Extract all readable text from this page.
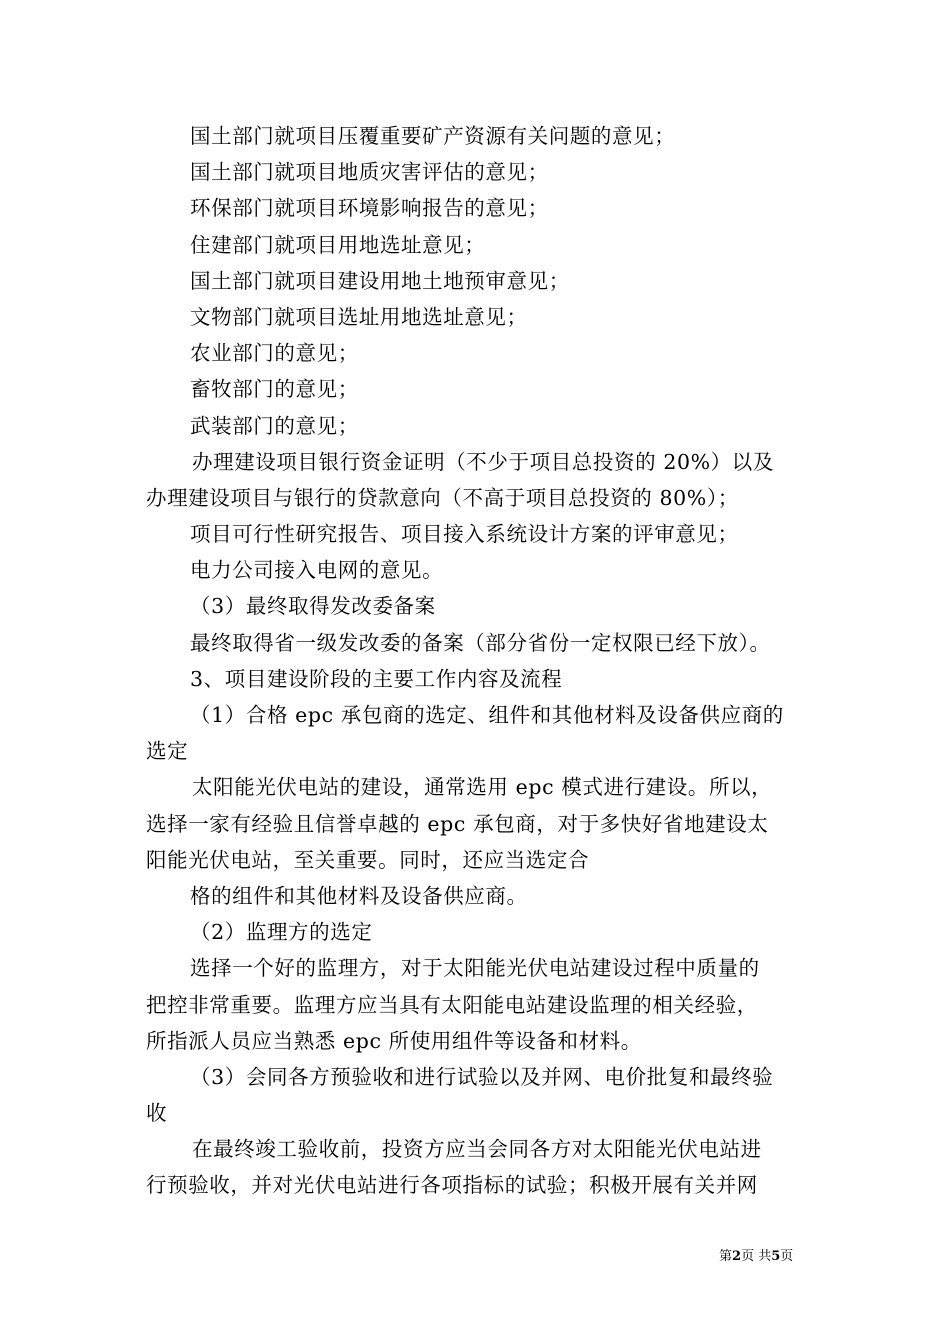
国土部门就项目压覆重要矿产资源有关问题的意见；
国土部门就项目地质灾害评估的意见；
环保部门就项目环境影响报告的意见；
住建部门就项目用地选址意见；
国土部门就项目建设用地土地预审意见；
文物部门就项目选址用地选址意见；
农业部门的意见；
畜牧部门的意见；
武装部门的意见；
办理建设项目银行资金证明（不少于项目总投资的 20%）以及
办理建设项目与银行的贷款意向（不高于项目总投资的 80%）；
项目可行性研究报告、项目接入系统设计方案的评审意见；
电力公司接入电网的意见。
（3）最终取得发改委备案
最终取得省一级发改委的备案（部分省份一定权限已经下放）。
3、项目建设阶段的主要工作内容及流程
（1）合格 epc 承包商的选定、组件和其他材料及设备供应商的
选定
太阳能光伏电站的建设，通常选用 epc 模式进行建设。所以，
选择一家有经验且信誉卓越的 epc 承包商，对于多快好省地建设太
阳能光伏电站，至关重要。同时，还应当选定合
格的组件和其他材料及设备供应商。
（2）监理方的选定
选择一个好的监理方，对于太阳能光伏电站建设过程中质量的
把控非常重要。监理方应当具有太阳能电站建设监理的相关经验，
所指派人员应当熟悉 epc 所使用组件等设备和材料。
（3）会同各方预验收和进行试验以及并网、电价批复和最终验
收
在最终竣工验收前，投资方应当会同各方对太阳能光伏电站进
行预验收，并对光伏电站进行各项指标的试验；积极开展有关并网
第2页 共5页
